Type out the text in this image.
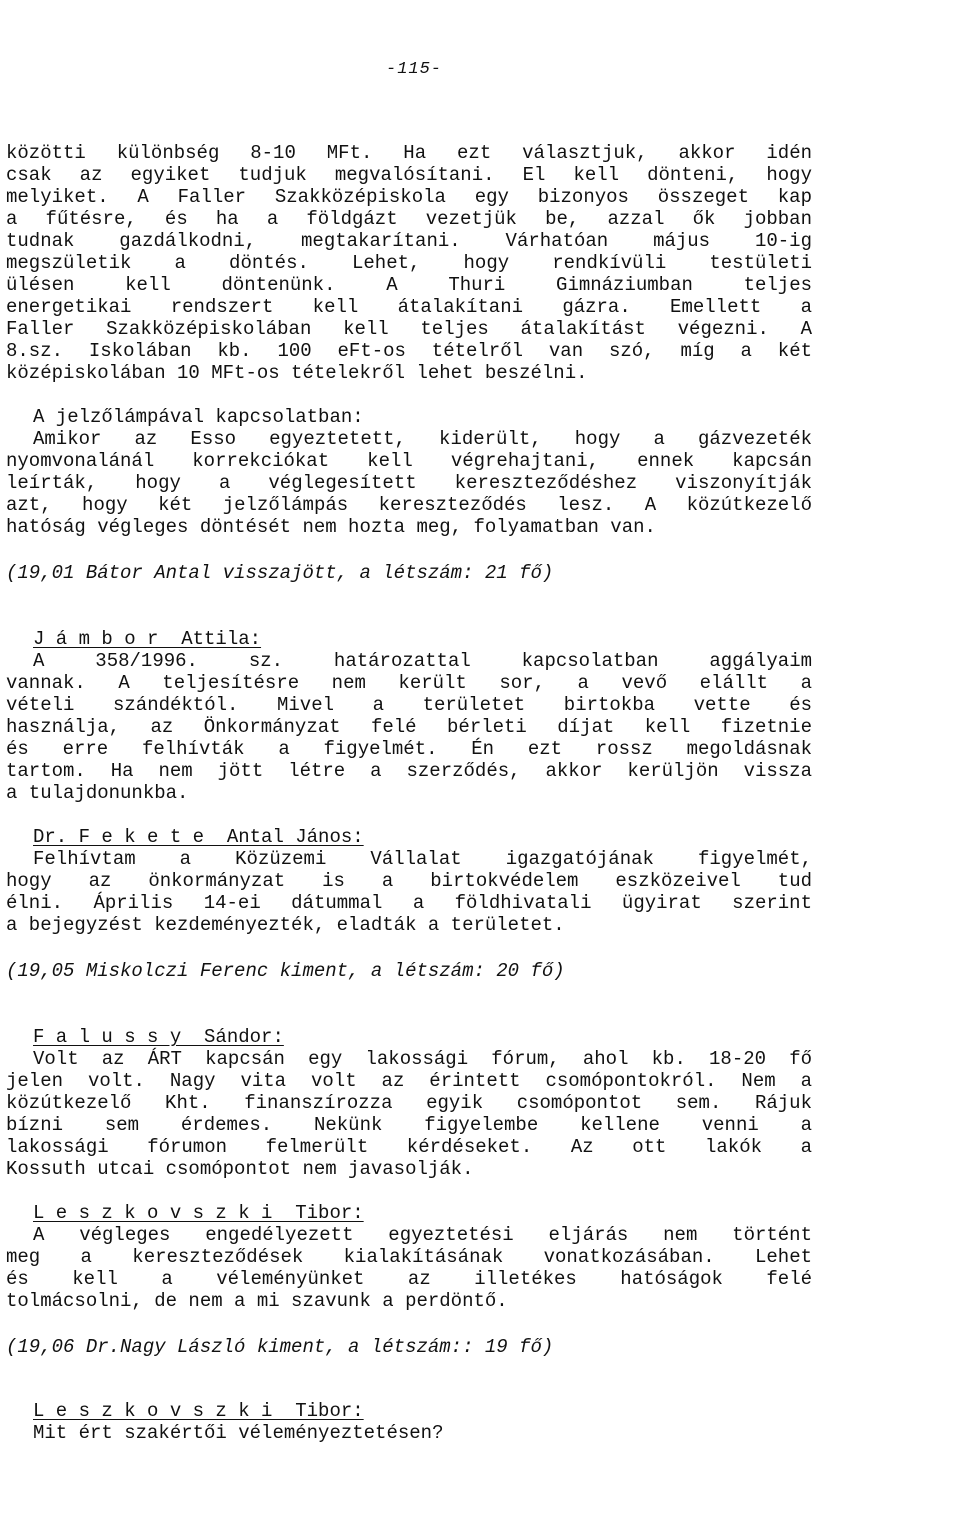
-115-
közötti különbség 8-10 MFt. Ha ezt választjuk, akkor idén
csak az egyiket tudjuk megvalósítani. El kell dönteni, hogy
melyiket. A Faller Szakközépiskola egy bizonyos összeget kap
a fűtésre, és ha a földgázt vezetjük be, azzal ők jobban
tudnak gazdálkodni, megtakarítani. Várhatóan május 10-ig
megszületik a döntés. Lehet, hogy rendkívüli testületi
ülésen kell döntenünk. A Thuri Gimnáziumban teljes
energetikai rendszert kell átalakítani gázra. Emellett a
Faller Szakközépiskolában kell teljes átalakítást végezni. A
8.sz. Iskolában kb. 100 eFt-os tételről van szó, míg a két
középiskolában 10 MFt-os tételekről lehet beszélni.
A jelzőlámpával kapcsolatban:
Amikor az Esso egyeztetett, kiderült, hogy a gázvezeték
nyomvonalánál korrekciókat kell végrehajtani, ennek kapcsán
leírták, hogy a véglegesített kereszteződéshez viszonyítják
azt, hogy két jelzőlámpás kereszteződés lesz. A közútkezelő
hatóság végleges döntését nem hozta meg, folyamatban van.
(19,01 Bátor Antal visszajött, a létszám: 21 fő)
J á m b o r  Attila:
A 358/1996. sz. határozattal kapcsolatban aggályaim
vannak. A teljesítésre nem került sor, a vevő elállt a
vételi szándéktól. Mivel a területet birtokba vette és
használja, az Önkormányzat felé bérleti díjat kell fizetnie
és erre felhívták a figyelmét. Én ezt rossz megoldásnak
tartom. Ha nem jött létre a szerződés, akkor kerüljön vissza
a tulajdonunkba.
Dr. F e k e t e  Antal János:
Felhívtam a Közüzemi Vállalat igazgatójának figyelmét,
hogy az önkormányzat is a birtokvédelem eszközeivel tud
élni. Április 14-ei dátummal a földhivatali ügyirat szerint
a bejegyzést kezdeményezték, eladták a területet.
(19,05 Miskolczi Ferenc kiment, a létszám: 20 fő)
F a l u s s y  Sándor:
Volt az ÁRT kapcsán egy lakossági fórum, ahol kb. 18-20 fő
jelen volt. Nagy vita volt az érintett csomópontokról. Nem a
közútkezelő Kht. finanszírozza egyik csomópontot sem. Rájuk
bízni sem érdemes. Nekünk figyelembe kellene venni a
lakossági fórumon felmerült kérdéseket. Az ott lakók a
Kossuth utcai csomópontot nem javasolják.
L e s z k o v s z k i  Tibor:
A végleges engedélyezett egyeztetési eljárás nem történt
meg a kereszteződések kialakításának vonatkozásában. Lehet
és kell a véleményünket az illetékes hatóságok felé
tolmácsolni, de nem a mi szavunk a perdöntő.
(19,06 Dr.Nagy László kiment, a létszám:: 19 fő)
L e s z k o v s z k i  Tibor:
Mit ért szakértői véleményeztetésen?
